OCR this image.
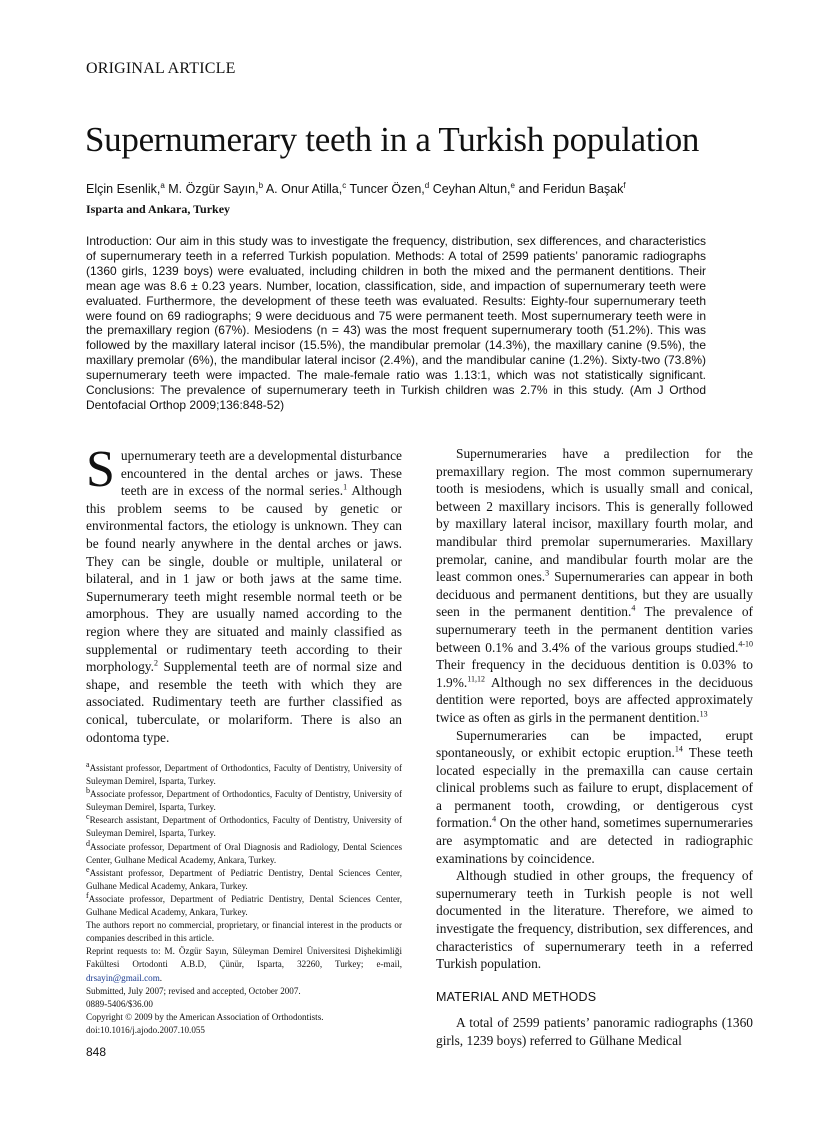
ORIGINAL ARTICLE
Supernumerary teeth in a Turkish population
Elçin Esenlik,$^a$ M. Özgür Sayın,$^b$ A. Onur Atilla,$^c$ Tuncer Özen,$^d$ Ceyhan Altun,$^e$ and Feridun Başak$^f$
Isparta and Ankara, Turkey
Introduction: Our aim in this study was to investigate the frequency, distribution, sex differences, and characteristics of supernumerary teeth in a referred Turkish population. Methods: A total of 2599 patients’ panoramic radiographs (1360 girls, 1239 boys) were evaluated, including children in both the mixed and the permanent dentitions. Their mean age was 8.6 ± 0.23 years. Number, location, classification, side, and impaction of supernumerary teeth were evaluated. Furthermore, the development of these teeth was evaluated. Results: Eighty-four supernumerary teeth were found on 69 radiographs; 9 were deciduous and 75 were permanent teeth. Most supernumerary teeth were in the premaxillary region (67%). Mesiodens (n = 43) was the most frequent supernumerary tooth (51.2%). This was followed by the maxillary lateral incisor (15.5%), the mandibular premolar (14.3%), the maxillary canine (9.5%), the maxillary premolar (6%), the mandibular lateral incisor (2.4%), and the mandibular canine (1.2%). Sixty-two (73.8%) supernumerary teeth were impacted. The male-female ratio was 1.13:1, which was not statistically significant. Conclusions: The prevalence of supernumerary teeth in Turkish children was 2.7% in this study. (Am J Orthod Dentofacial Orthop 2009;136:848-52)

S upernumerary teeth are a developmental disturbance encountered in the dental arches or jaws. These teeth are in excess of the normal series.$^1$ Although this problem seems to be caused by genetic or environmental factors, the etiology is unknown. They can be found nearly anywhere in the dental arches or jaws. They can be single, double or multiple, unilateral or bilateral, and in 1 jaw or both jaws at the same time. Supernumerary teeth might resemble normal teeth or be amorphous. They are usually named according to the region where they are situated and mainly classified as supplemental or rudimentary teeth according to their morphology.$^2$ Supplemental teeth are of normal size and shape, and resemble the teeth with which they are associated. Rudimentary teeth are further classified as conical, tuberculate, or molariform. There is also an odontoma type.

$^a$Assistant professor, Department of Orthodontics, Faculty of Dentistry, University of Suleyman Demirel, Isparta, Turkey.
$^b$Associate professor, Department of Orthodontics, Faculty of Dentistry, University of Suleyman Demirel, Isparta, Turkey.
$^c$Research assistant, Department of Orthodontics, Faculty of Dentistry, University of Suleyman Demirel, Isparta, Turkey.
$^d$Associate professor, Department of Oral Diagnosis and Radiology, Dental Sciences Center, Gulhane Medical Academy, Ankara, Turkey.
$^e$Assistant professor, Department of Pediatric Dentistry, Dental Sciences Center, Gulhane Medical Academy, Ankara, Turkey.
$^f$Associate professor, Department of Pediatric Dentistry, Dental Sciences Center, Gulhane Medical Academy, Ankara, Turkey.
The authors report no commercial, proprietary, or financial interest in the products or companies described in this article.
Reprint requests to: M. Özgür Sayın, Süleyman Demirel Üniversitesi Dişhekimliği Fakültesi Ortodonti A.B.D, Çünür, Isparta, 32260, Turkey; e-mail, drsayin@gmail.com.
Submitted, July 2007; revised and accepted, October 2007.
0889-5406/$36.00
Copyright © 2009 by the American Association of Orthodontists.
doi:10.1016/j.ajodo.2007.10.055

Supernumeraries have a predilection for the premaxillary region. The most common supernumerary tooth is mesiodens, which is usually small and conical, between 2 maxillary incisors. This is generally followed by maxillary lateral incisor, maxillary fourth molar, and mandibular third premolar supernumeraries. Maxillary premolar, canine, and mandibular fourth molar are the least common ones.$^3$ Supernumeraries can appear in both deciduous and permanent dentitions, but they are usually seen in the permanent dentition.$^4$ The prevalence of supernumerary teeth in the permanent dentition varies between 0.1% and 3.4% of the various groups studied.$^{4-10}$ Their frequency in the deciduous dentition is 0.03% to 1.9%.$^{11,12}$ Although no sex differences in the deciduous dentition were reported, boys are affected approximately twice as often as girls in the permanent dentition.$^{13}$

Supernumeraries can be impacted, erupt spontaneously, or exhibit ectopic eruption.$^{14}$ These teeth located especially in the premaxilla can cause certain clinical problems such as failure to erupt, displacement of a permanent tooth, crowding, or dentigerous cyst formation.$^4$ On the other hand, sometimes supernumeraries are asymptomatic and are detected in radiographic examinations by coincidence.

Although studied in other groups, the frequency of supernumerary teeth in Turkish people is not well documented in the literature. Therefore, we aimed to investigate the frequency, distribution, sex differences, and characteristics of supernumerary teeth in a referred Turkish population.

MATERIAL AND METHODS

A total of 2599 patients’ panoramic radiographs (1360 girls, 1239 boys) referred to Gülhane Medical

848
